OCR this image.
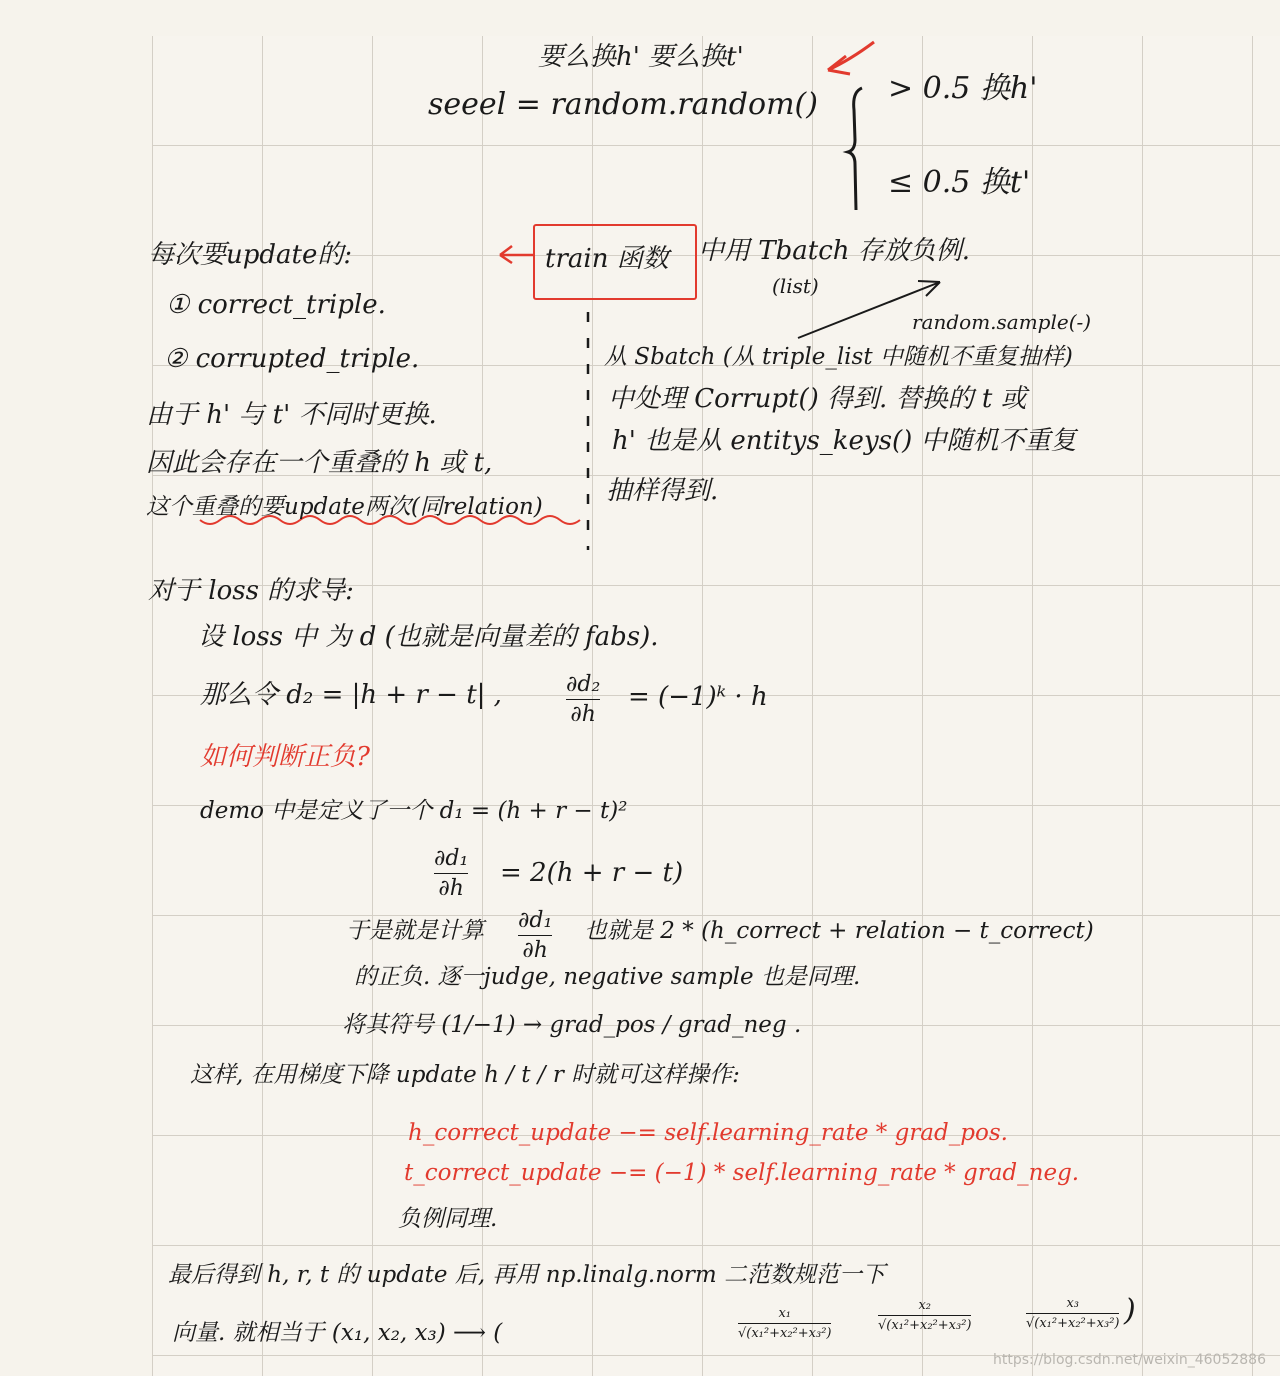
要么换h' 要么换t'
seeel = random.random() > 0.5 换h'
≤ 0.5 换t'
每次要update的:
① correct_triple.
② corrupted_triple.
由于 h' 与 t' 不同时更换.
因此会存在一个重叠的 h 或 t,
这个重叠的要update两次(同relation)
train 函数 中用 Tbatch 存放负例.
(list)
random.sample(-)
从 Sbatch (从 triple_list 中随机不重复抽样)
中处理 Corrupt() 得到. 替换的 t 或
h' 也是从 entitys_keys() 中随机不重复
抽样得到.
对于 loss 的求导:
设 loss 中 为 d (也就是向量差的 fabs).
那么令 d₂ = |h + r − t| ,	∂d₂
∂h
= (−1)ᵏ · h
如何判断正负?
demo 中是定义了一个 d₁ = (h + r − t)²
∂d₁
∂h
= 2(h + r − t)
于是就是计算 ∂d₁
∂h
也就是 2 * (h_correct + relation − t_correct)
的正负. 逐一judge, negative sample 也是同理.
将其符号 (1/−1) → grad_pos / grad_neg .
这样, 在用梯度下降 update h / t / r 时就可这样操作:
h_correct_update −= self.learning_rate * grad_pos.
t_correct_update −= (−1) * self.learning_rate * grad_neg.
负例同理.
最后得到 h, r, t 的 update 后, 再用 np.linalg.norm 二范数规范一下
向量. 就相当于 (x₁, x₂, x₃) ⟶ (
x₁
√(x₁²+x₂²+x₃²)
x₂
√(x₁²+x₂²+x₃²)
x₃
√(x₁²+x₂²+x₃²) )
https://blog.csdn.net/weixin_46052886
